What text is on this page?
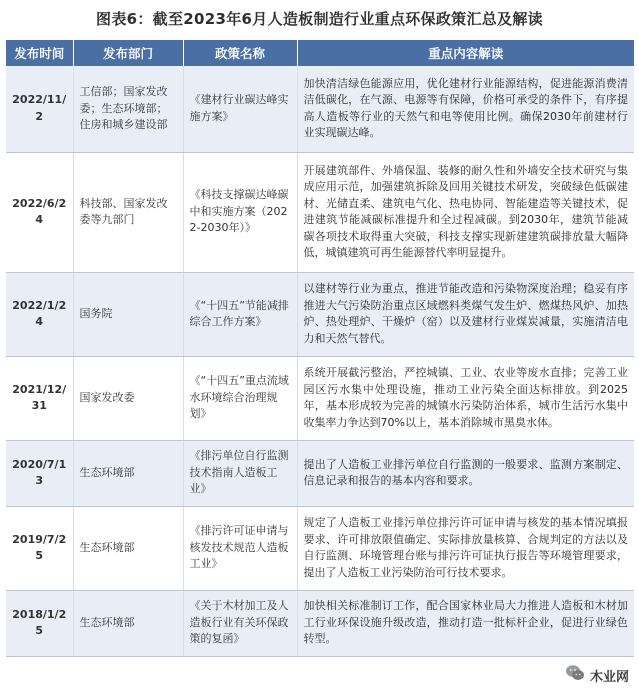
图表6：截至2023年6月人造板制造行业重点环保政策汇总及解读
发布时间	发布部门	政策名称	重点内容解读
2022/11/2	工信部；国家发改委；生态环境部；住房和城乡建设部	《建材行业碳达峰实施方案》	加快清洁绿色能源应用，优化建材行业能源结构，促进能源消费清洁低碳化，在气源、电源等有保障，价格可承受的条件下，有序提高人造板等行业的天然气和电等使用比例。确保2030年前建材行业实现碳达峰。
2022/6/24	科技部、国家发改委等九部门	《科技支撑碳达峰碳中和实施方案（2022-2030年）》	开展建筑部件、外墙保温、装修的耐久性和外墙安全技术研究与集成应用示范，加强建筑拆除及回用关键技术研发，突破绿色低碳建材、光储直柔、建筑电气化、热电协同、智能建造等关键技术，促进建筑节能减碳标准提升和全过程减碳。到2030年，建筑节能减碳各项技术取得重大突破，科技支撑实现新建建筑碳排放量大幅降低，城镇建筑可再生能源替代率明显提升。
2022/1/24	国务院	《“十四五”节能减排综合工作方案》	以建材等行业为重点，推进节能改造和污染物深度治理；稳妥有序推进大气污染防治重点区域燃料类煤气发生炉、燃煤热风炉、加热炉、热处理炉、干燥炉（窑）以及建材行业煤炭减量，实施清洁电力和天然气替代。
2021/12/31	国家发改委	《“十四五”重点流域水环境综合治理规划》	系统开展截污整治，严控城镇、工业、农业等废水直排；完善工业园区污水集中处理设施，推动工业污染全面达标排放。到2025年，基本形成较为完善的城镇水污染防治体系，城市生活污水集中收集率力争达到70%以上，基本消除城市黑臭水体。
2020/7/13	生态环境部	《排污单位自行监测技术指南人造板工业》	提出了人造板工业排污单位自行监测的一般要求、监测方案制定、信息记录和报告的基本内容和要求。
2019/7/25	生态环境部	《排污许可证申请与核发技术规范人造板工业》	规定了人造板工业排污单位排污许可证申请与核发的基本情况填报要求、许可排放限值确定、实际排放量核算、合规判定的方法以及自行监测、环境管理台账与排污许可证执行报告等环境管理要求，提出了人造板工业污染防治可行技术要求。
2018/1/25	生态环境部	《关于木材加工及人造板行业有关环保政策的复函》	加快相关标准制订工作，配合国家林业局大力推进人造板和木材加工行业环保设施升级改造，推动打造一批标杆企业，促进行业绿色转型。
木业网
